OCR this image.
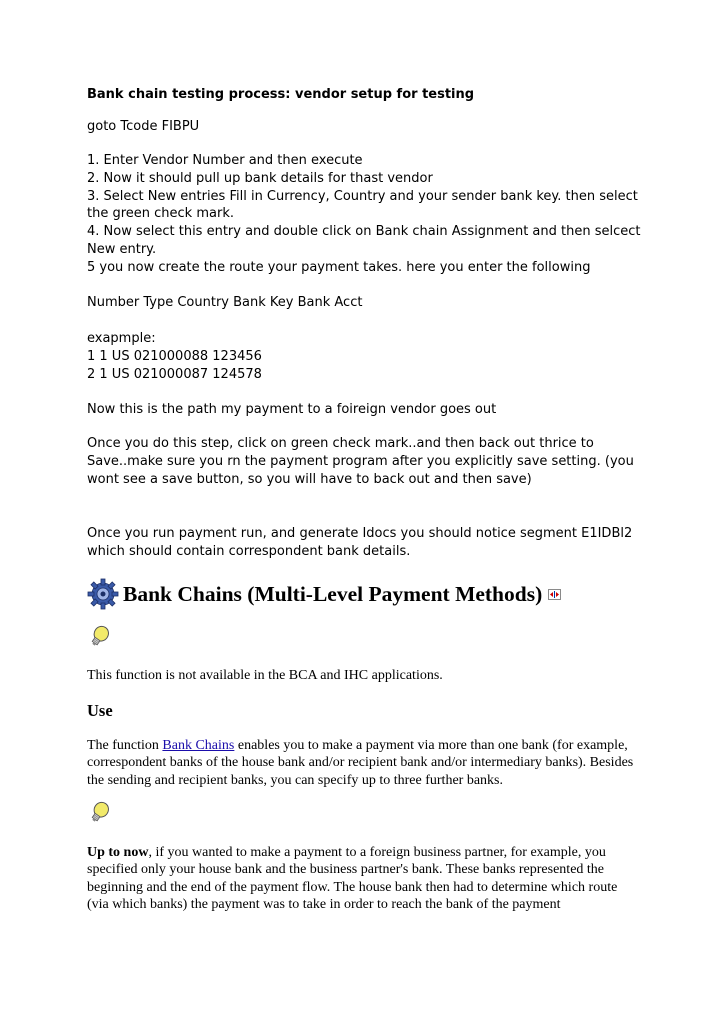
Bank chain testing process: vendor setup for testing
goto Tcode FIBPU
1. Enter Vendor Number and then execute
2. Now it should pull up bank details for thast vendor
3. Select New entries Fill in Currency, Country and your sender bank key. then select the green check mark.
4. Now select this entry and double click on Bank chain Assignment and then selcect New entry.
5 you now create the route your payment takes. here you enter the following
Number Type Country Bank Key Bank Acct
exapmple:
1 1 US 021000088 123456
2 1 US 021000087 124578
Now this is the path my payment to a foireign vendor goes out
Once you do this step, click on green check mark..and then back out thrice to Save..make sure you rn the payment program after you explicitly save setting. (you wont see a save button, so you will have to back out and then save)
Once you run payment run, and generate Idocs you should notice segment E1IDBl2 which should contain correspondent bank details.
Bank Chains (Multi-Level Payment Methods)
This function is not available in the BCA and IHC applications.
Use
The function Bank Chains enables you to make a payment via more than one bank (for example, correspondent banks of the house bank and/or recipient bank and/or intermediary banks). Besides the sending and recipient banks, you can specify up to three further banks.
Up to now, if you wanted to make a payment to a foreign business partner, for example, you specified only your house bank and the business partner's bank. These banks represented the beginning and the end of the payment flow. The house bank then had to determine which route (via which banks) the payment was to take in order to reach the bank of the payment
